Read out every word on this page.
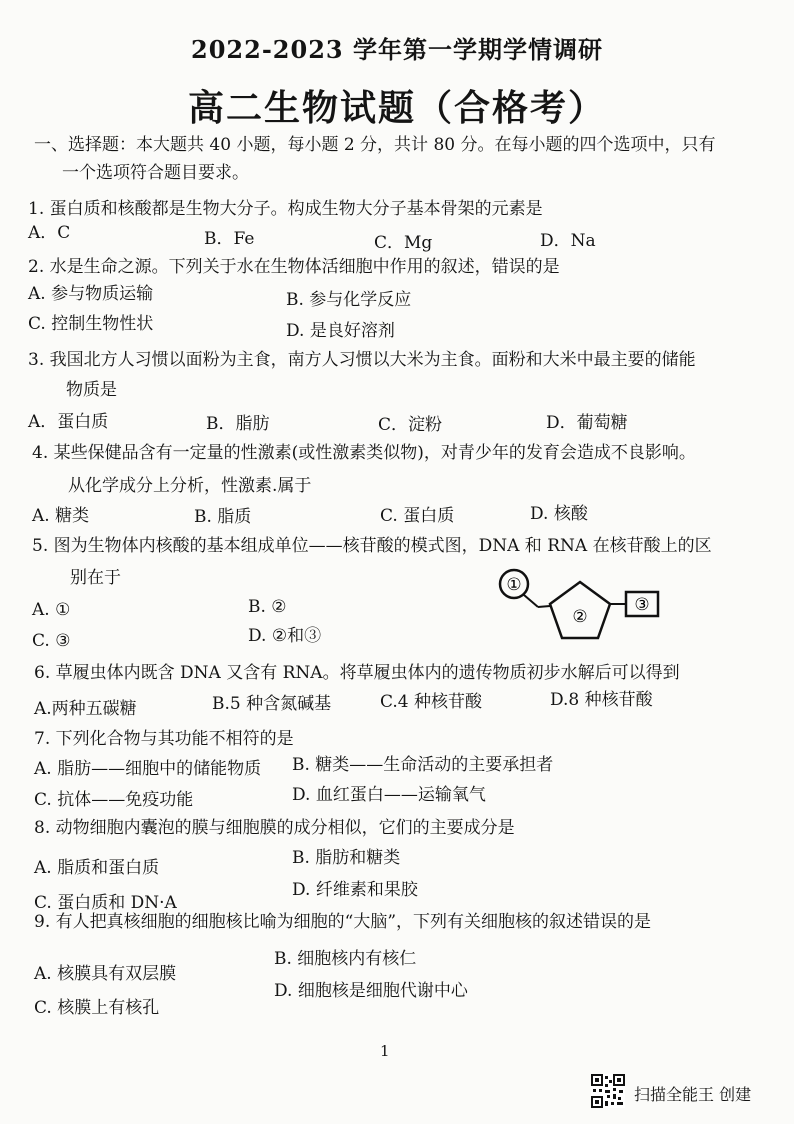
2022-2023 学年第一学期学情调研
高二生物试题（合格考）
一、选择题：本大题共 40 小题，每小题 2 分，共计 80 分。在每小题的四个选项中，只有
一个选项符合题目要求。
1. 蛋白质和核酸都是生物大分子。构成生物大分子基本骨架的元素是
A．C	B．Fe	C．Mg	D．Na
2. 水是生命之源。下列关于水在生物体活细胞中作用的叙述，错误的是
A. 参与物质运输	B. 参与化学反应
C. 控制生物性状	D. 是良好溶剂
3. 我国北方人习惯以面粉为主食，南方人习惯以大米为主食。面粉和大米中最主要的储能
物质是
A．蛋白质	B．脂肪	C．淀粉	D．葡萄糖
4. 某些保健品含有一定量的性激素(或性激素类似物)，对青少年的发育会造成不良影响。
从化学成分上分析，性激素.属于
A. 糖类	B. 脂质	C. 蛋白质	D. 核酸
5. 图为生物体内核酸的基本组成单位——核苷酸的模式图，DNA 和 RNA 在核苷酸上的区
别在于
A. ①	B. ②
C. ③	D. ②和③
①
②
③
6. 草履虫体内既含 DNA 又含有 RNA。将草履虫体内的遗传物质初步水解后可以得到
A.两种五碳糖	B.5 种含氮碱基	C.4 种核苷酸	D.8 种核苷酸
7. 下列化合物与其功能不相符的是
A. 脂肪——细胞中的储能物质 B. 糖类——生命活动的主要承担者
C. 抗体——免疫功能	D. 血红蛋白——运输氧气
8. 动物细胞内囊泡的膜与细胞膜的成分相似，它们的主要成分是
A. 脂质和蛋白质	B. 脂肪和糖类
C. 蛋白质和 DN·A
D. 纤维素和果胶
9. 有人把真核细胞的细胞核比喻为细胞的“大脑”，下列有关细胞核的叙述错误的是
A. 核膜具有双层膜
B. 细胞核内有核仁
C. 核膜上有核孔
D. 细胞核是细胞代谢中心
1
扫描全能王 创建
